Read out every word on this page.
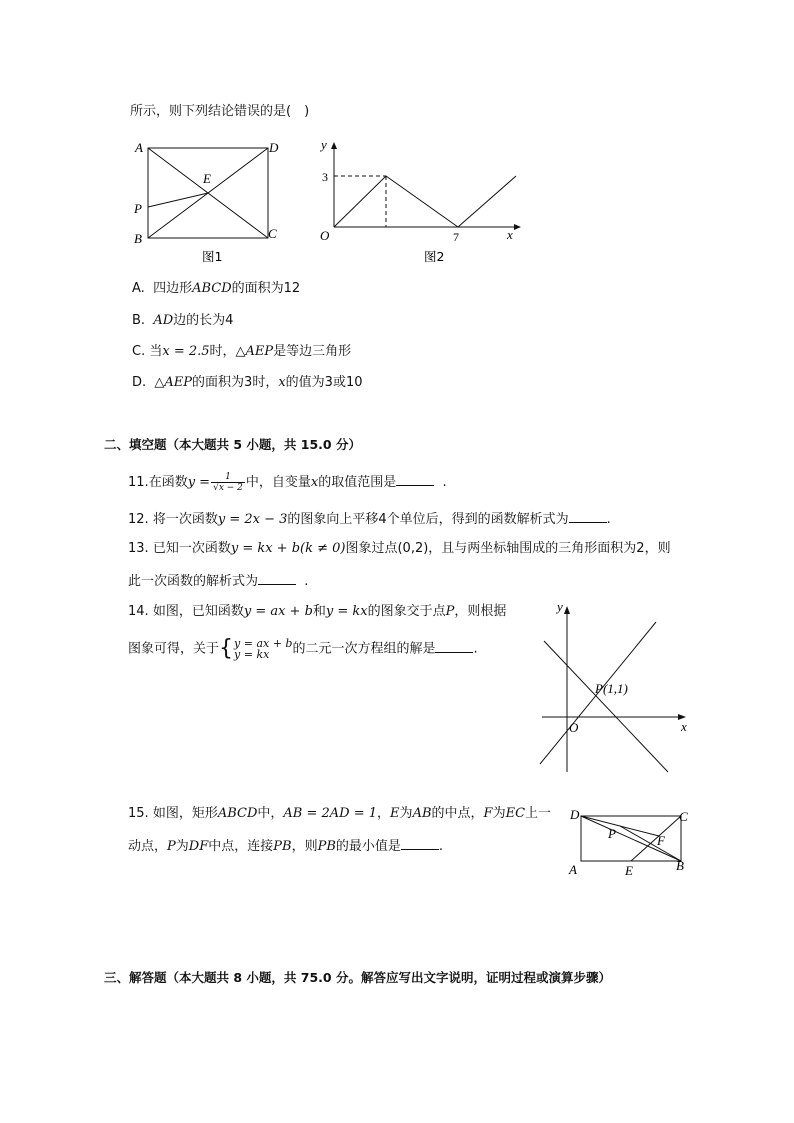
所示，则下列结论错误的是(　)
A	D
B	C
E
P
图1
y
x
O
3
7
图2
A. 四边形ABCD的面积为12
B. AD边的长为4
C. 当x = 2.5时，△AEP是等边三角形
D. △AEP的面积为3时，x的值为3或10
二、填空题（本大题共 5 小题，共 15.0 分）
11.在函数$y = \frac{1}{√x - 2}$ 中，自变量x的取值范围是	.
12. 将一次函数y = 2x − 3的图象向上平移4个单位后，得到的函数解析式为	.
13. 已知一次函数y = kx + b(k ≠ 0)图象过点(0,2)，且与两坐标轴围成的三角形面积为2，则
此一次函数的解析式为	.
14. 如图，已知函数y = ax + b和y = kx的图象交于点P，则根据
图象可得，关于{ y = ax + b
y = kx	的二元一次方程组的解是	.
y
x
O
P(1,1)
15. 如图，矩形ABCD中，AB = 2AD = 1，E为AB的中点，F为EC上一
动点，P为DF中点，连接PB，则PB的最小值是	.
D	C
A	B
E
F
P
三、解答题（本大题共 8 小题，共 75.0 分。解答应写出文字说明，证明过程或演算步骤）
